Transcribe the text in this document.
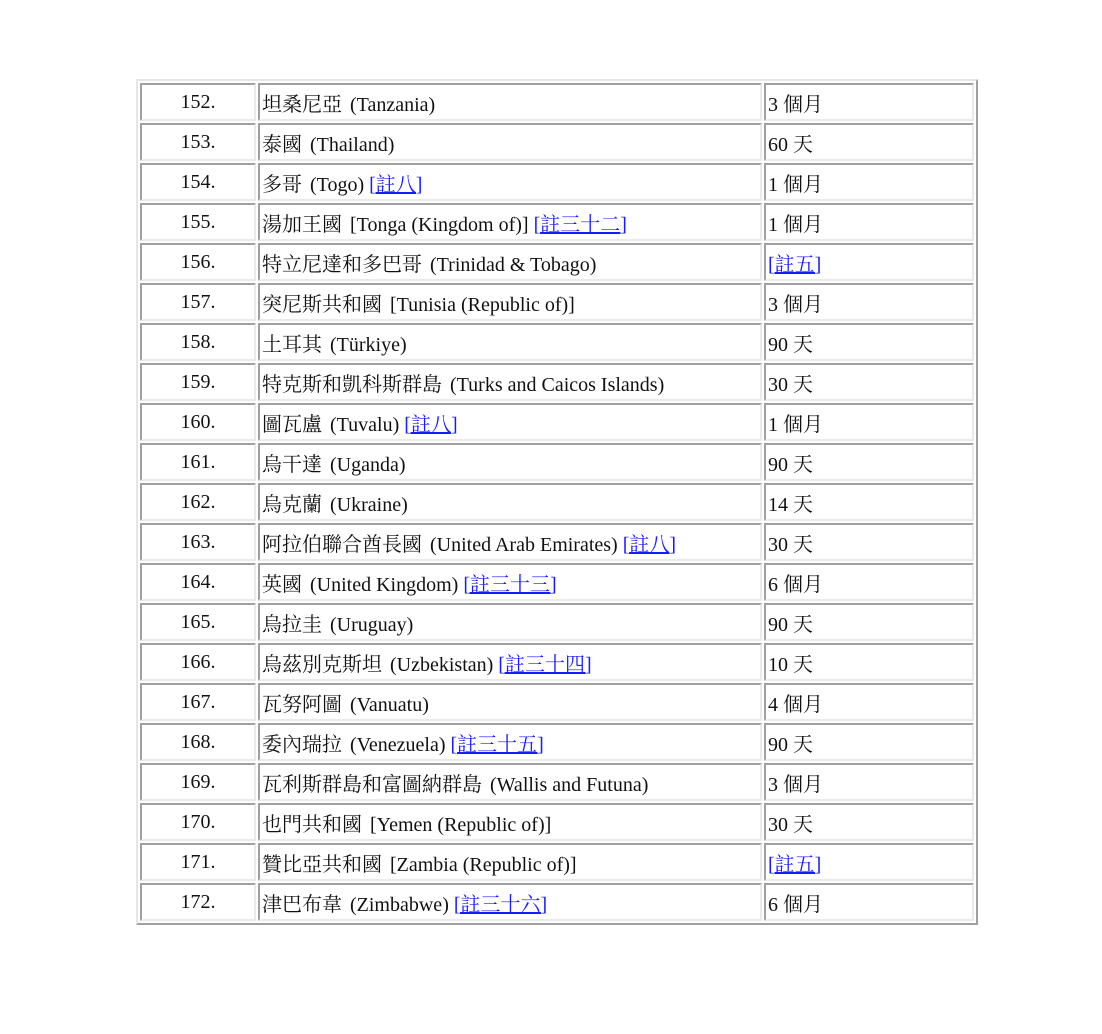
152.	坦桑尼亞 (Tanzania)	3 個月
153.	泰國 (Thailand)	60 天
154.	多哥 (Togo) [註八]	1 個月
155.	湯加王國 [Tonga (Kingdom of)] [註三十二]	1 個月
156.	特立尼達和多巴哥 (Trinidad & Tobago)	[註五]
157.	突尼斯共和國 [Tunisia (Republic of)]	3 個月
158.	土耳其 (Türkiye)	90 天
159.	特克斯和凱科斯群島 (Turks and Caicos Islands)	30 天
160.	圖瓦盧 (Tuvalu) [註八]	1 個月
161.	烏干達 (Uganda)	90 天
162.	烏克蘭 (Ukraine)	14 天
163.	阿拉伯聯合酋長國 (United Arab Emirates) [註八]	30 天
164.	英國 (United Kingdom) [註三十三]	6 個月
165.	烏拉圭 (Uruguay)	90 天
166.	烏茲別克斯坦 (Uzbekistan) [註三十四]	10 天
167.	瓦努阿圖 (Vanuatu)	4 個月
168.	委內瑞拉 (Venezuela) [註三十五]	90 天
169.	瓦利斯群島和富圖納群島 (Wallis and Futuna)	3 個月
170.	也門共和國 [Yemen (Republic of)]	30 天
171.	贊比亞共和國 [Zambia (Republic of)]	[註五]
172.	津巴布韋 (Zimbabwe) [註三十六]	6 個月
